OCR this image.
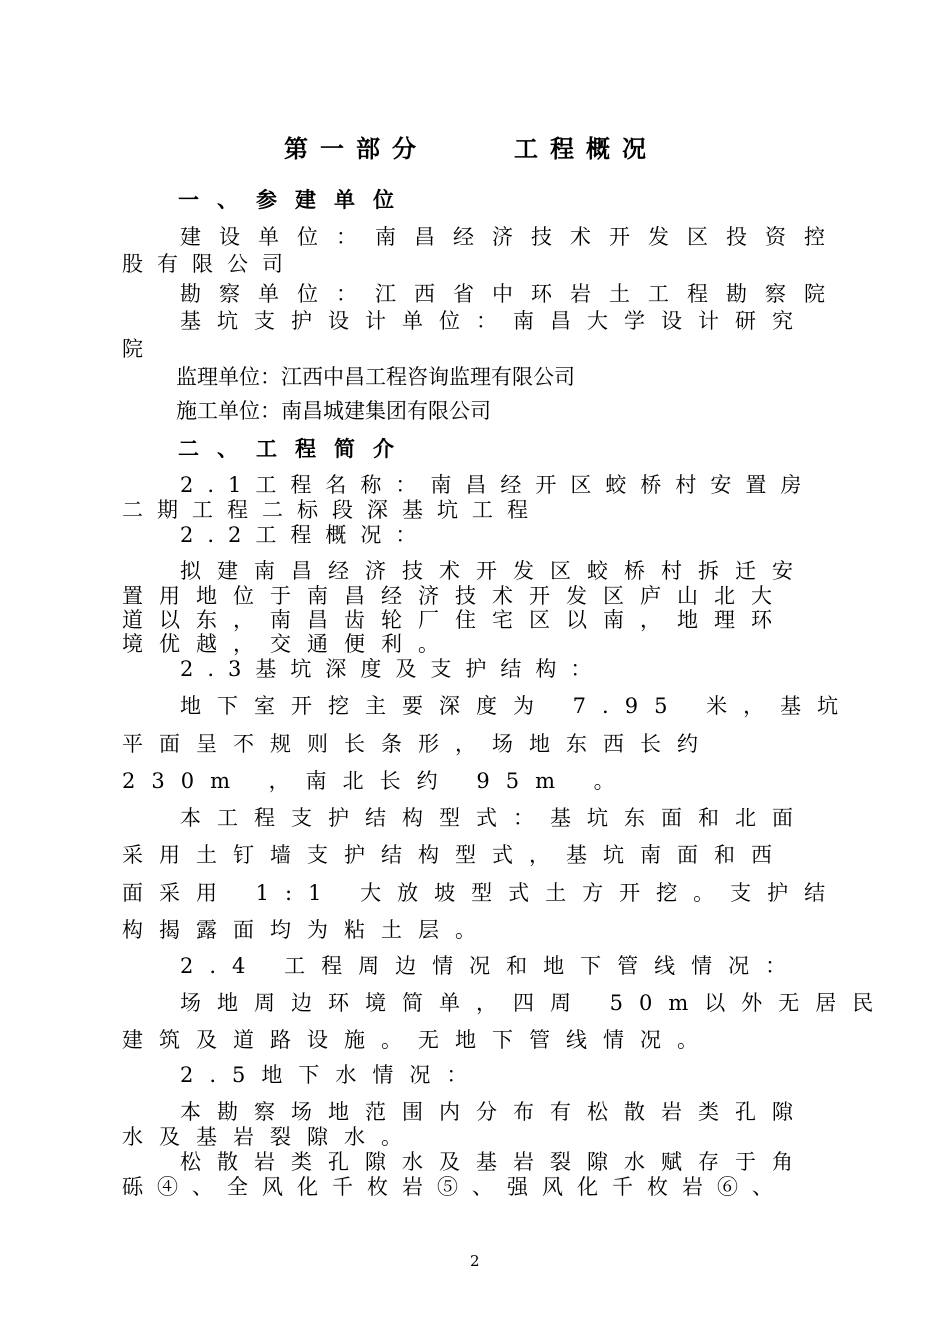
第一部分	工程概况
一、参建单位
建设单位：南昌经济技术开发区投资控
股有限公司
勘察单位：江西省中环岩土工程勘察院
基坑支护设计单位：南昌大学设计研究
院
监理单位：江西中昌工程咨询监理有限公司
施工单位：南昌城建集团有限公司
二、工程简介
2.1工程名称：南昌经开区蛟桥村安置房
二期工程二标段深基坑工程
2.2工程概况：
拟建南昌经济技术开发区蛟桥村拆迁安
置用地位于南昌经济技术开发区庐山北大
道以东，南昌齿轮厂住宅区以南，地理环
境优越，交通便利。
2.3基坑深度及支护结构：
地下室开挖主要深度为 7.95 米，基坑
平面呈不规则长条形，场地东西长约
230m ，南北长约 95m 。
本工程支护结构型式：基坑东面和北面
采用土钉墙支护结构型式，基坑南面和西
面采用 1:1 大放坡型式土方开挖。支护结
构揭露面均为粘土层。
2.4 工程周边情况和地下管线情况：
场地周边环境简单，四周 50m以外无居民
建筑及道路设施。无地下管线情况。
2.5地下水情况：
本勘察场地范围内分布有松散岩类孔隙
水及基岩裂隙水。
松散岩类孔隙水及基岩裂隙水赋存于角
砾④、全风化千枚岩⑤、强风化千枚岩⑥、
2
